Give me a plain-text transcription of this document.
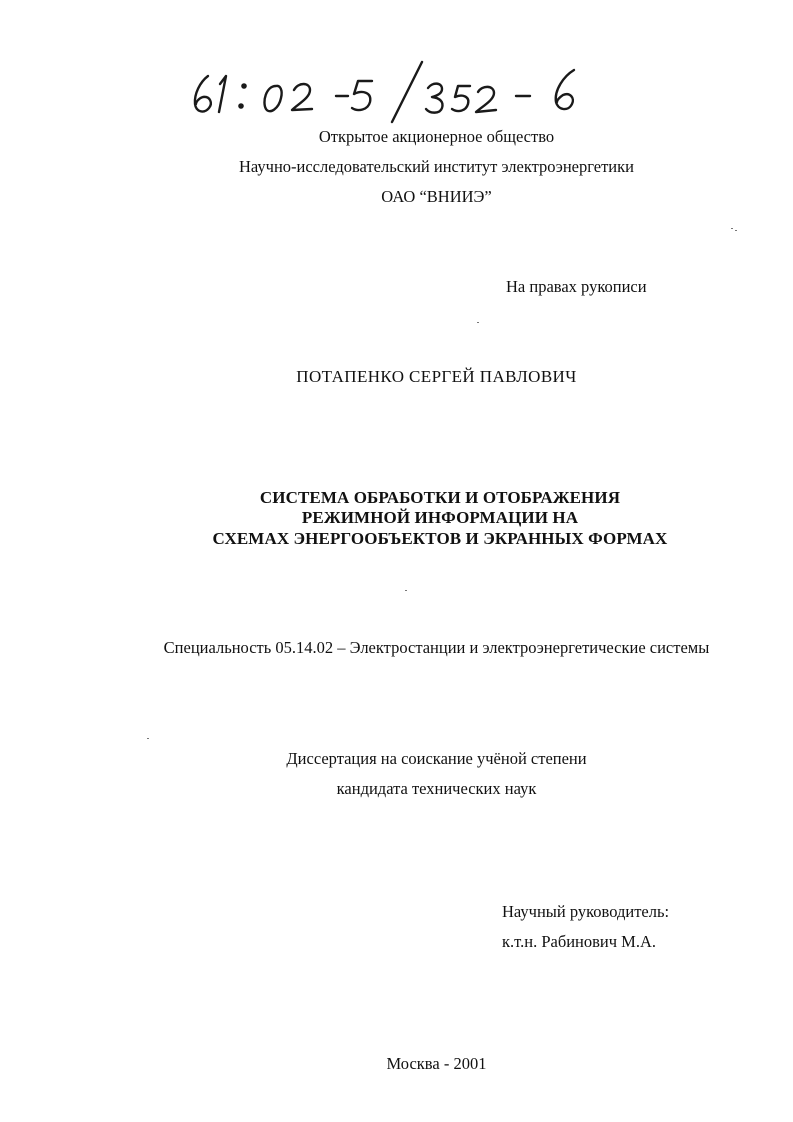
Открытое акционерное общество
Научно-исследовательский институт электроэнергетики
ОАО “ВНИИЭ”
На правах рукописи
ПОТАПЕНКО СЕРГЕЙ ПАВЛОВИЧ
СИСТЕМА ОБРАБОТКИ И ОТОБРАЖЕНИЯ
РЕЖИМНОЙ ИНФОРМАЦИИ НА
СХЕМАХ ЭНЕРГООБЪЕКТОВ И ЭКРАННЫХ ФОРМАХ
Специальность 05.14.02 – Электростанции и электроэнергетические системы
Диссертация на соискание учёной степени
кандидата технических наук
Научный руководитель:
к.т.н. Рабинович М.А.
Москва - 2001
